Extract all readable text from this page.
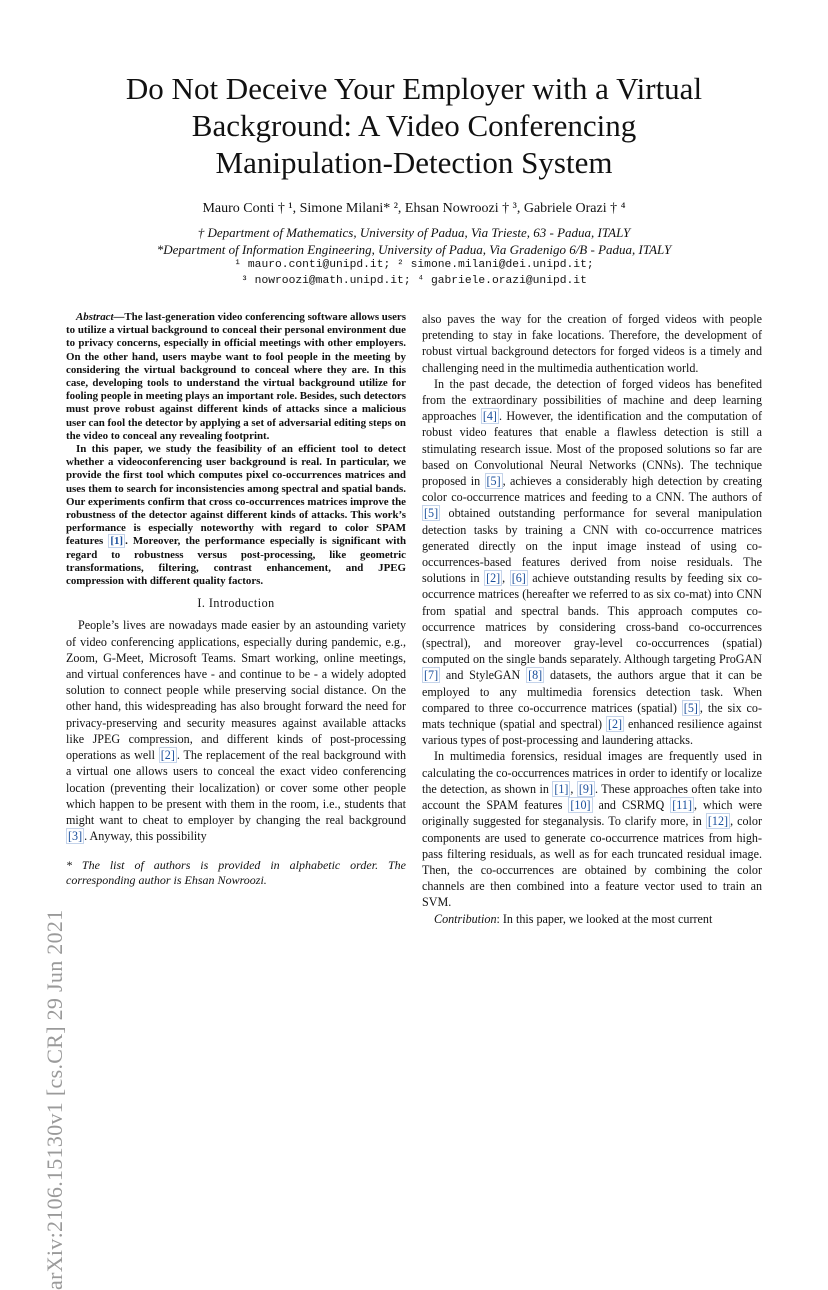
arXiv:2106.15130v1 [cs.CR] 29 Jun 2021
Do Not Deceive Your Employer with a Virtual
Background: A Video Conferencing
Manipulation-Detection System
Mauro Conti † ¹, Simone Milani* ², Ehsan Nowroozi † ³, Gabriele Orazi † ⁴
† Department of Mathematics, University of Padua, Via Trieste, 63 - Padua, ITALY
*Department of Information Engineering, University of Padua, Via Gradenigo 6/B - Padua, ITALY
¹ mauro.conti@unipd.it; ² simone.milani@dei.unipd.it;
³ nowroozi@math.unipd.it; ⁴ gabriele.orazi@unipd.it

Abstract—The last-generation video conferencing software allows users to utilize a virtual background to conceal their personal environment due to privacy concerns, especially in official meetings with other employers. On the other hand, users maybe want to fool people in the meeting by considering the virtual background to conceal where they are. In this case, developing tools to understand the virtual background utilize for fooling people in meeting plays an important role. Besides, such detectors must prove robust against different kinds of attacks since a malicious user can fool the detector by applying a set of adversarial editing steps on the video to conceal any revealing footprint.

In this paper, we study the feasibility of an efficient tool to detect whether a videoconferencing user background is real. In particular, we provide the first tool which computes pixel co-occurrences matrices and uses them to search for inconsistencies among spectral and spatial bands. Our experiments confirm that cross co-occurrences matrices improve the robustness of the detector against different kinds of attacks. This work’s performance is especially noteworthy with regard to color SPAM features [1] . Moreover, the performance especially is significant with regard to robustness versus post-processing, like geometric transformations, filtering, contrast enhancement, and JPEG compression with different quality factors.

I. Introduction

People’s lives are nowadays made easier by an astounding variety of video conferencing applications, especially during pandemic, e.g., Zoom, G-Meet, Microsoft Teams. Smart working, online meetings, and virtual conferences have - and continue to be - a widely adopted solution to connect people while preserving social distance. On the other hand, this widespreading has also brought forward the need for privacy-preserving and security measures against available attacks like JPEG compression, and different kinds of post-processing operations as well [2] . The replacement of the real background with a virtual one allows users to conceal the exact video conferencing location (preventing their localization) or cover some other people which happen to be present with them in the room, i.e., students that might want to cheat to employer by changing the real background [3] . Anyway, this possibility

* The list of authors is provided in alphabetic order. The corresponding author is Ehsan Nowroozi.

also paves the way for the creation of forged videos with people pretending to stay in fake locations. Therefore, the development of robust virtual background detectors for forged videos is a timely and challenging need in the multimedia authentication world.

In the past decade, the detection of forged videos has benefited from the extraordinary possibilities of machine and deep learning approaches [4] . However, the identification and the computation of robust video features that enable a flawless detection is still a stimulating research issue. Most of the proposed solutions so far are based on Convolutional Neural Networks (CNNs). The technique proposed in [5] , achieves a considerably high detection by creating color co-occurrence matrices and feeding to a CNN. The authors of [5] obtained outstanding performance for several manipulation detection tasks by training a CNN with co-occurrence matrices generated directly on the input image instead of using co-occurrences-based features derived from noise residuals. The solutions in [2] , [6] achieve outstanding results by feeding six co-occurrence matrices (hereafter we referred to as six co-mat) into CNN from spatial and spectral bands. This approach computes co-occurrence matrices by considering cross-band co-occurrences (spectral), and moreover gray-level co-occurrences (spatial) computed on the single bands separately. Although targeting ProGAN [7] and StyleGAN [8] datasets, the authors argue that it can be employed to any multimedia forensics detection task. When compared to three co-occurrence matrices (spatial) [5] , the six co-mats technique (spatial and spectral) [2] enhanced resilience against various types of post-processing and laundering attacks.

In multimedia forensics, residual images are frequently used in calculating the co-occurrences matrices in order to identify or localize the detection, as shown in [1] , [9] . These approaches often take into account the SPAM features [10] and CSRMQ [11] , which were originally suggested for steganalysis. To clarify more, in [12] , color components are used to generate co-occurrence matrices from high-pass filtering residuals, as well as for each truncated residual image. Then, the co-occurrences are obtained by combining the color channels are then combined into a feature vector used to train an SVM.

Contribution: In this paper, we looked at the most current
